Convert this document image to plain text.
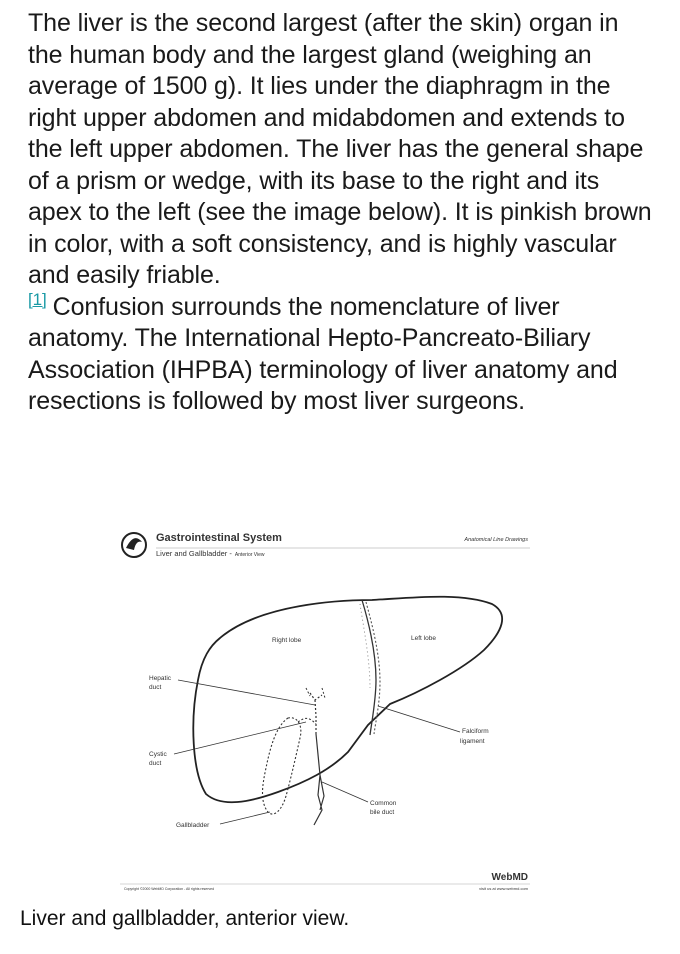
The liver is the second largest (after the skin) organ in the human body and the largest gland (weighing an average of 1500 g). It lies under the diaphragm in the right upper abdomen and midabdomen and extends to the left upper abdomen. The liver has the general shape of a prism or wedge, with its base to the right and its apex to the left (see the image below). It is pinkish brown in color, with a soft consistency, and is highly vascular and easily friable.

[1] Confusion surrounds the nomenclature of liver anatomy. The International Hepto-Pancreato-Biliary Association (IHPBA) terminology of liver anatomy and resections is followed by most liver surgeons.

Gastrointestinal System
Liver and Gallbladder - Anterior View
Anatomical Line Drawings
Right lobe	Left lobe
Hepatic
duct
Cystic
duct
Falciform
ligament
Common
bile duct
Gallbladder
WebMD
Copyright ©2000 WebMD Corporation - All rights reserved	visit us at www.webmd.com
Liver and gallbladder, anterior view.
